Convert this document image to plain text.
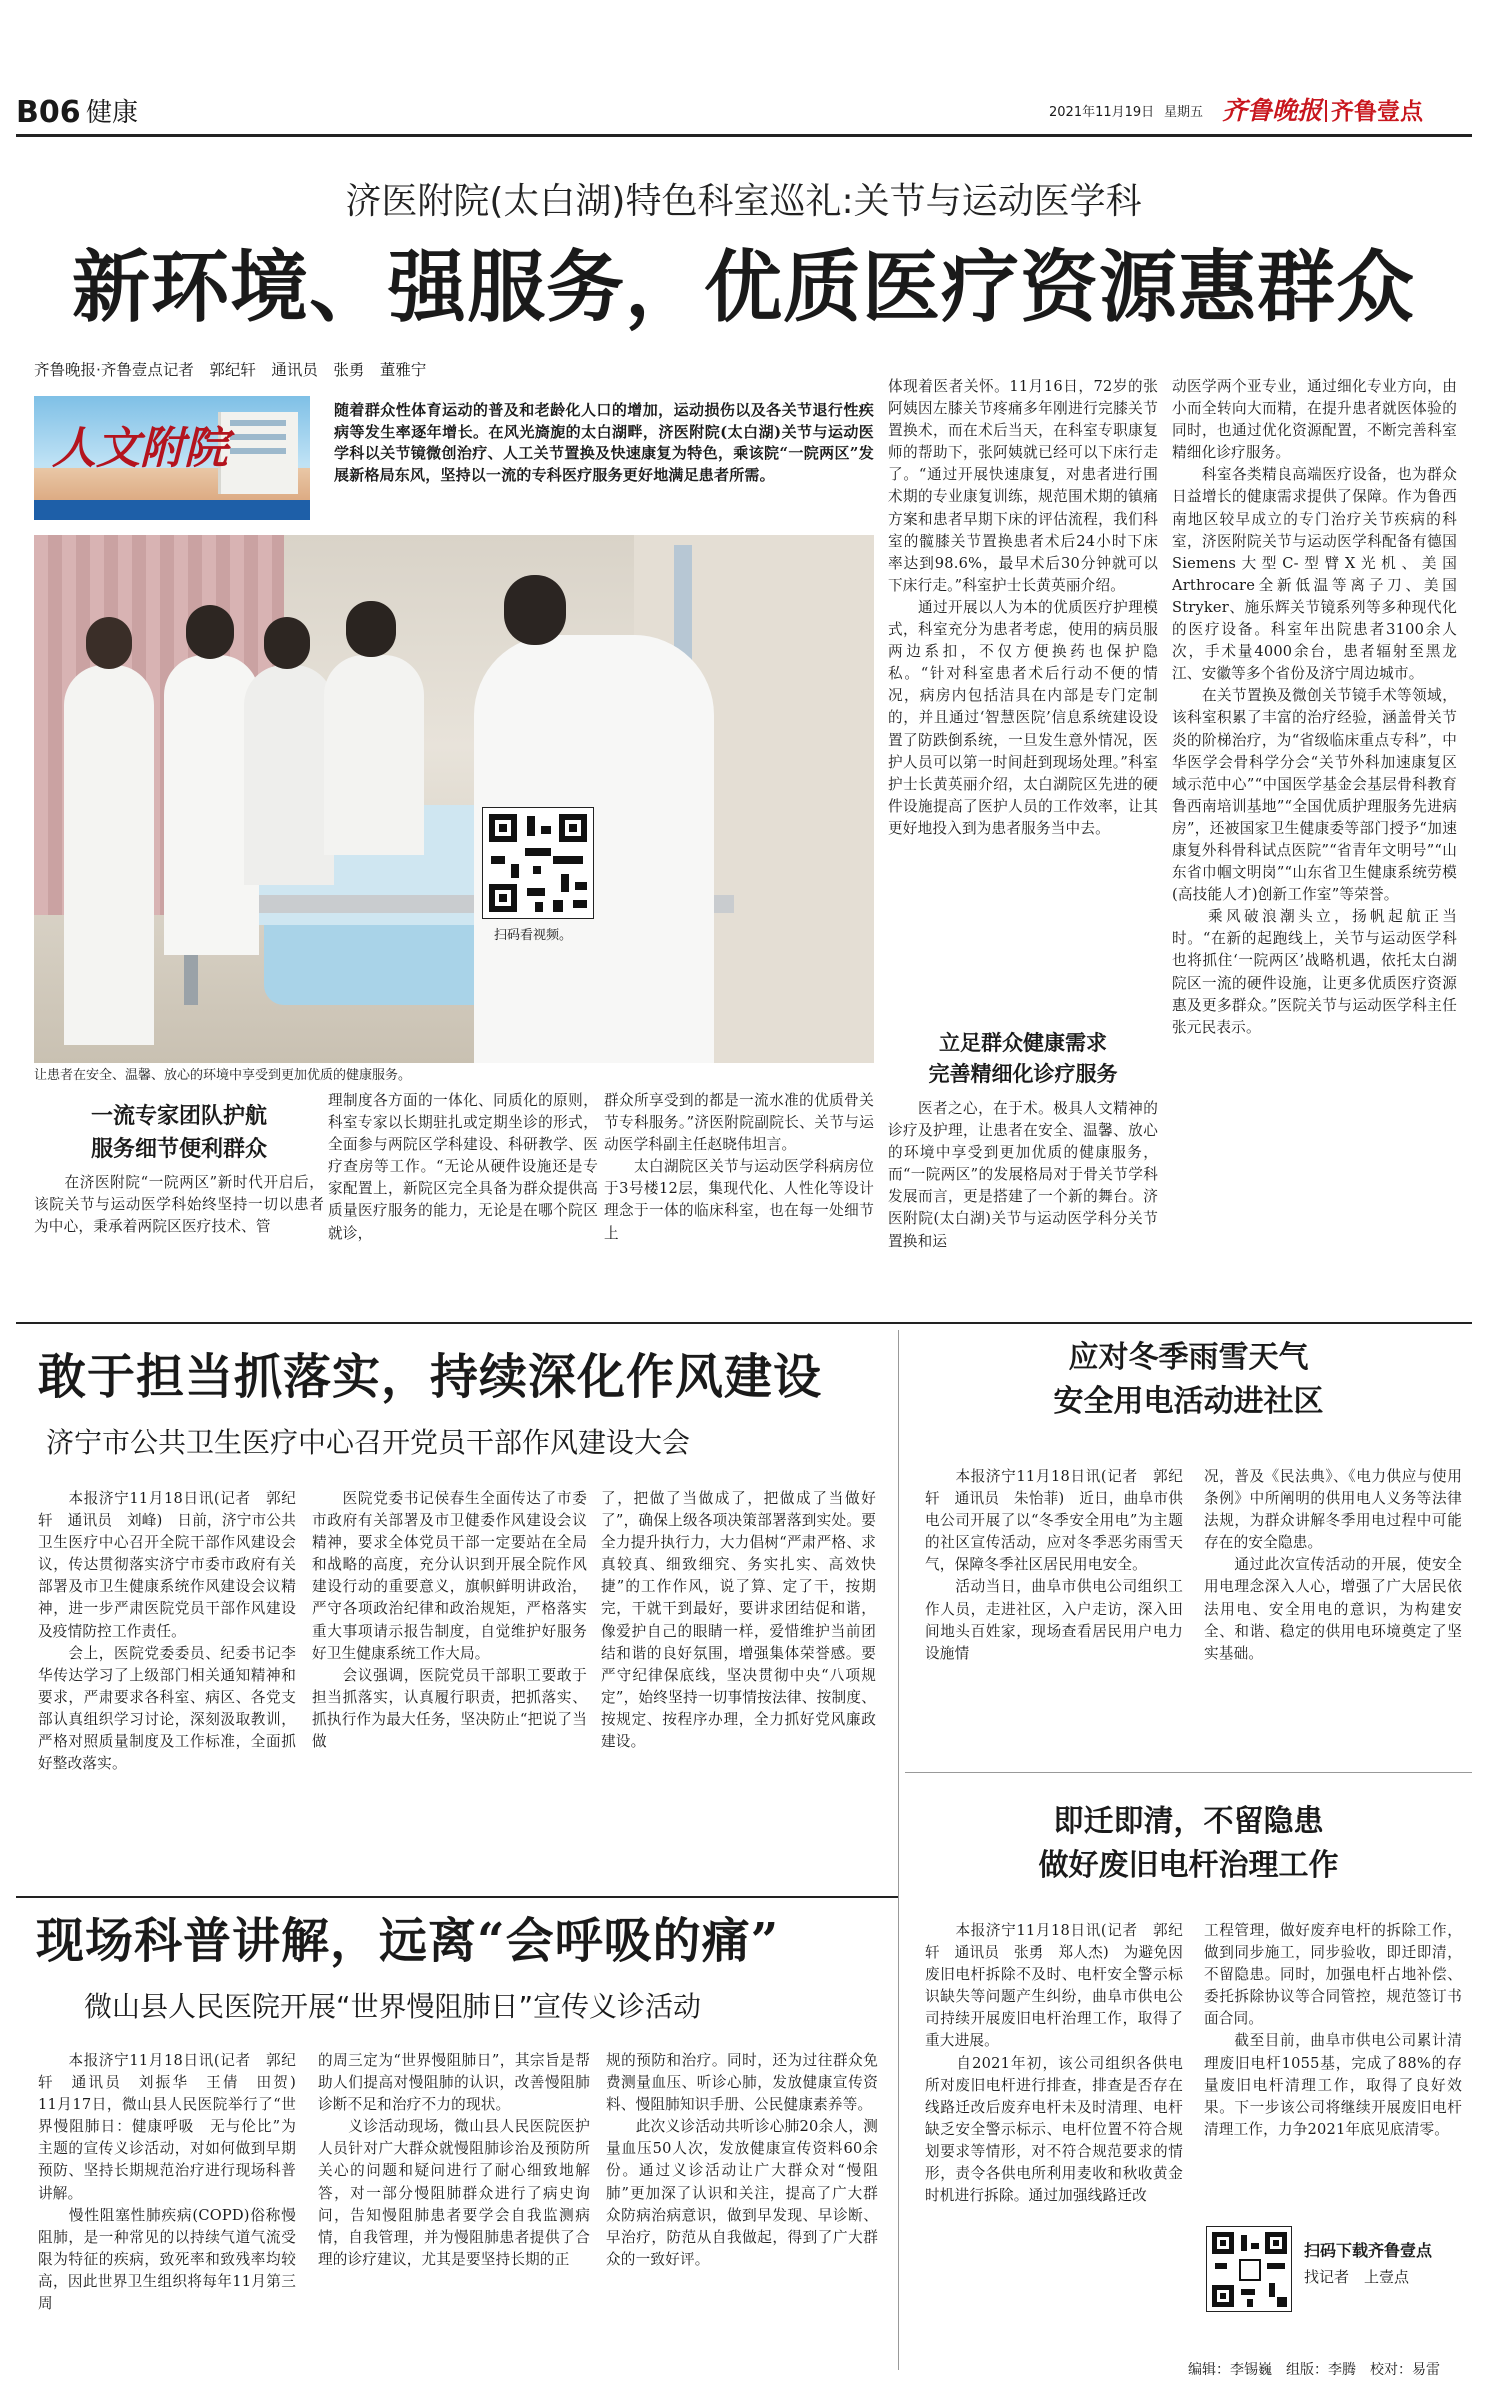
B06 健康	2021年11月19日 星期五 齐鲁晚报 齐鲁壹点
济医附院(太白湖)特色科室巡礼:关节与运动医学科
新环境、强服务，优质医疗资源惠群众
齐鲁晚报·齐鲁壹点记者　郭纪轩　通讯员　张勇　董雅宁
人文附院
随着群众性体育运动的普及和老龄化人口的增加，运动损伤以及各关节退行性疾病等发生率逐年增长。在风光旖旎的太白湖畔，济医附院(太白湖)关节与运动医学科以关节镜微创治疗、人工关节置换及快速康复为特色，乘该院“一院两区”发展新格局东风，坚持以一流的专科医疗服务更好地满足患者所需。
扫码看视频。
让患者在安全、温馨、放心的环境中享受到更加优质的健康服务。
一流专家团队护航
服务细节便利群众
　　在济医附院“一院两区”新时代开启后，该院关节与运动医学科始终坚持一切以患者为中心，秉承着两院区医疗技术、管
理制度各方面的一体化、同质化的原则，科室专家以长期驻扎或定期坐诊的形式，全面参与两院区学科建设、科研教学、医疗查房等工作。“无论从硬件设施还是专家配置上，新院区完全具备为群众提供高质量医疗服务的能力，无论是在哪个院区就诊，
群众所享受到的都是一流水准的优质骨关节专科服务。”济医附院副院长、关节与运动医学科副主任赵晓伟坦言。
　　太白湖院区关节与运动医学科病房位于3号楼12层，集现代化、人性化等设计理念于一体的临床科室，也在每一处细节上
体现着医者关怀。11月16日，72岁的张阿姨因左膝关节疼痛多年刚进行完膝关节置换术，而在术后当天，在科室专职康复师的帮助下，张阿姨就已经可以下床行走了。“通过开展快速康复，对患者进行围术期的专业康复训练，规范围术期的镇痛方案和患者早期下床的评估流程，我们科室的髋膝关节置换患者术后24小时下床率达到98.6%，最早术后30分钟就可以下床行走。”科室护士长黄英丽介绍。
　　通过开展以人为本的优质医疗护理模式，科室充分为患者考虑，使用的病员服两边系扣，不仅方便换药也保护隐私。“针对科室患者术后行动不便的情况，病房内包括洁具在内部是专门定制的，并且通过‘智慧医院’信息系统建设设置了防跌倒系统，一旦发生意外情况，医护人员可以第一时间赶到现场处理。”科室护士长黄英丽介绍，太白湖院区先进的硬件设施提高了医护人员的工作效率，让其更好地投入到为患者服务当中去。
立足群众健康需求
完善精细化诊疗服务
　　医者之心，在于术。极具人文精神的诊疗及护理，让患者在安全、温馨、放心的环境中享受到更加优质的健康服务，而“一院两区”的发展格局对于骨关节学科发展而言，更是搭建了一个新的舞台。济医附院(太白湖)关节与运动医学科分关节置换和运
动医学两个亚专业，通过细化专业方向，由小而全转向大而精，在提升患者就医体验的同时，也通过优化资源配置，不断完善科室精细化诊疗服务。
　　科室各类精良高端医疗设备，也为群众日益增长的健康需求提供了保障。作为鲁西南地区较早成立的专门治疗关节疾病的科室，济医附院关节与运动医学科配备有德国Siemens大型C-型臂X光机、美国Arthrocare全新低温等离子刀、美国Stryker、施乐辉关节镜系列等多种现代化的医疗设备。科室年出院患者3100余人次，手术量4000余台，患者辐射至黑龙江、安徽等多个省份及济宁周边城市。
　　在关节置换及微创关节镜手术等领域，该科室积累了丰富的治疗经验，涵盖骨关节炎的阶梯治疗，为“省级临床重点专科”，中华医学会骨科学分会“关节外科加速康复区域示范中心”“中国医学基金会基层骨科教育鲁西南培训基地”“全国优质护理服务先进病房”，还被国家卫生健康委等部门授予“加速康复外科骨科试点医院”“省青年文明号”“山东省巾帼文明岗”“山东省卫生健康系统劳模(高技能人才)创新工作室”等荣誉。
　　乘风破浪潮头立，扬帆起航正当时。“在新的起跑线上，关节与运动医学科也将抓住‘一院两区’战略机遇，依托太白湖院区一流的硬件设施，让更多优质医疗资源惠及更多群众。”医院关节与运动医学科主任张元民表示。
敢于担当抓落实，持续深化作风建设
济宁市公共卫生医疗中心召开党员干部作风建设大会
　　本报济宁11月18日讯(记者　郭纪轩　通讯员　刘峰)　日前，济宁市公共卫生医疗中心召开全院干部作风建设会议，传达贯彻落实济宁市委市政府有关部署及市卫生健康系统作风建设会议精神，进一步严肃医院党员干部作风建设及疫情防控工作责任。
　　会上，医院党委委员、纪委书记李华传达学习了上级部门相关通知精神和要求，严肃要求各科室、病区、各党支部认真组织学习讨论，深刻汲取教训，严格对照质量制度及工作标准，全面抓好整改落实。
　　医院党委书记侯春生全面传达了市委市政府有关部署及市卫健委作风建设会议精神，要求全体党员干部一定要站在全局和战略的高度，充分认识到开展全院作风建设行动的重要意义，旗帜鲜明讲政治，严守各项政治纪律和政治规矩，严格落实重大事项请示报告制度，自觉维护好服务好卫生健康系统工作大局。
　　会议强调，医院党员干部职工要敢于担当抓落实，认真履行职责，把抓落实、抓执行作为最大任务，坚决防止“把说了当做
了，把做了当做成了，把做成了当做好了”，确保上级各项决策部署落到实处。要全力提升执行力，大力倡树“严肃严格、求真较真、细致细究、务实扎实、高效快捷”的工作作风，说了算、定了干，按期完，干就干到最好，要讲求团结促和谐，像爱护自己的眼睛一样，爱惜维护当前团结和谐的良好氛围，增强集体荣誉感。要严守纪律保底线，坚决贯彻中央“八项规定”，始终坚持一切事情按法律、按制度、按规定、按程序办理，全力抓好党风廉政建设。
应对冬季雨雪天气
安全用电活动进社区
　　本报济宁11月18日讯(记者　郭纪轩　通讯员　朱怡菲)　近日，曲阜市供电公司开展了以“冬季安全用电”为主题的社区宣传活动，应对冬季恶劣雨雪天气，保障冬季社区居民用电安全。
　　活动当日，曲阜市供电公司组织工作人员，走进社区，入户走访，深入田间地头百姓家，现场查看居民用户电力设施情
况，普及《民法典》、《电力供应与使用条例》中所阐明的供用电人义务等法律法规，为群众讲解冬季用电过程中可能存在的安全隐患。
　　通过此次宣传活动的开展，使安全用电理念深入人心，增强了广大居民依法用电、安全用电的意识，为构建安全、和谐、稳定的供用电环境奠定了坚实基础。
即迁即清，不留隐患
做好废旧电杆治理工作
　　本报济宁11月18日讯(记者　郭纪轩　通讯员　张勇　郑人杰)　为避免因废旧电杆拆除不及时、电杆安全警示标识缺失等问题产生纠纷，曲阜市供电公司持续开展废旧电杆治理工作，取得了重大进展。
　　自2021年初，该公司组织各供电所对废旧电杆进行排查，排查是否存在线路迁改后废弃电杆未及时清理、电杆缺乏安全警示标示、电杆位置不符合规划要求等情形，对不符合规范要求的情形，责令各供电所利用麦收和秋收黄金时机进行拆除。通过加强线路迁改
工程管理，做好废弃电杆的拆除工作，做到同步施工，同步验收，即迁即清，不留隐患。同时，加强电杆占地补偿、委托拆除协议等合同管控，规范签订书面合同。
　　截至目前，曲阜市供电公司累计清理废旧电杆1055基，完成了88%的存量废旧电杆清理工作，取得了良好效果。下一步该公司将继续开展废旧电杆清理工作，力争2021年底见底清零。
扫码下载齐鲁壹点
找记者　上壹点
现场科普讲解，远离“会呼吸的痛”
微山县人民医院开展“世界慢阻肺日”宣传义诊活动
　　本报济宁11月18日讯(记者　郭纪轩　通讯员　刘振华　王倩　田贺)　11月17日，微山县人民医院举行了“世界慢阻肺日：健康呼吸　无与伦比”为主题的宣传义诊活动，对如何做到早期预防、坚持长期规范治疗进行现场科普讲解。
　　慢性阻塞性肺疾病(COPD)俗称慢阻肺，是一种常见的以持续气道气流受限为特征的疾病，致死率和致残率均较高，因此世界卫生组织将每年11月第三周
的周三定为“世界慢阻肺日”，其宗旨是帮助人们提高对慢阻肺的认识，改善慢阻肺诊断不足和治疗不力的现状。
　　义诊活动现场，微山县人民医院医护人员针对广大群众就慢阻肺诊治及预防所关心的问题和疑问进行了耐心细致地解答，对一部分慢阻肺群众进行了病史询问，告知慢阻肺患者要学会自我监测病情，自我管理，并为慢阻肺患者提供了合理的诊疗建议，尤其是要坚持长期的正
规的预防和治疗。同时，还为过往群众免费测量血压、听诊心肺，发放健康宣传资料、慢阻肺知识手册、公民健康素养等。
　　此次义诊活动共听诊心肺20余人，测量血压50人次，发放健康宣传资料60余份。通过义诊活动让广大群众对“慢阻肺”更加深了认识和关注，提高了广大群众防病治病意识，做到早发现、早诊断、早治疗，防范从自我做起，得到了广大群众的一致好评。
编辑：李锡巍　组版：李腾　校对：易雷
